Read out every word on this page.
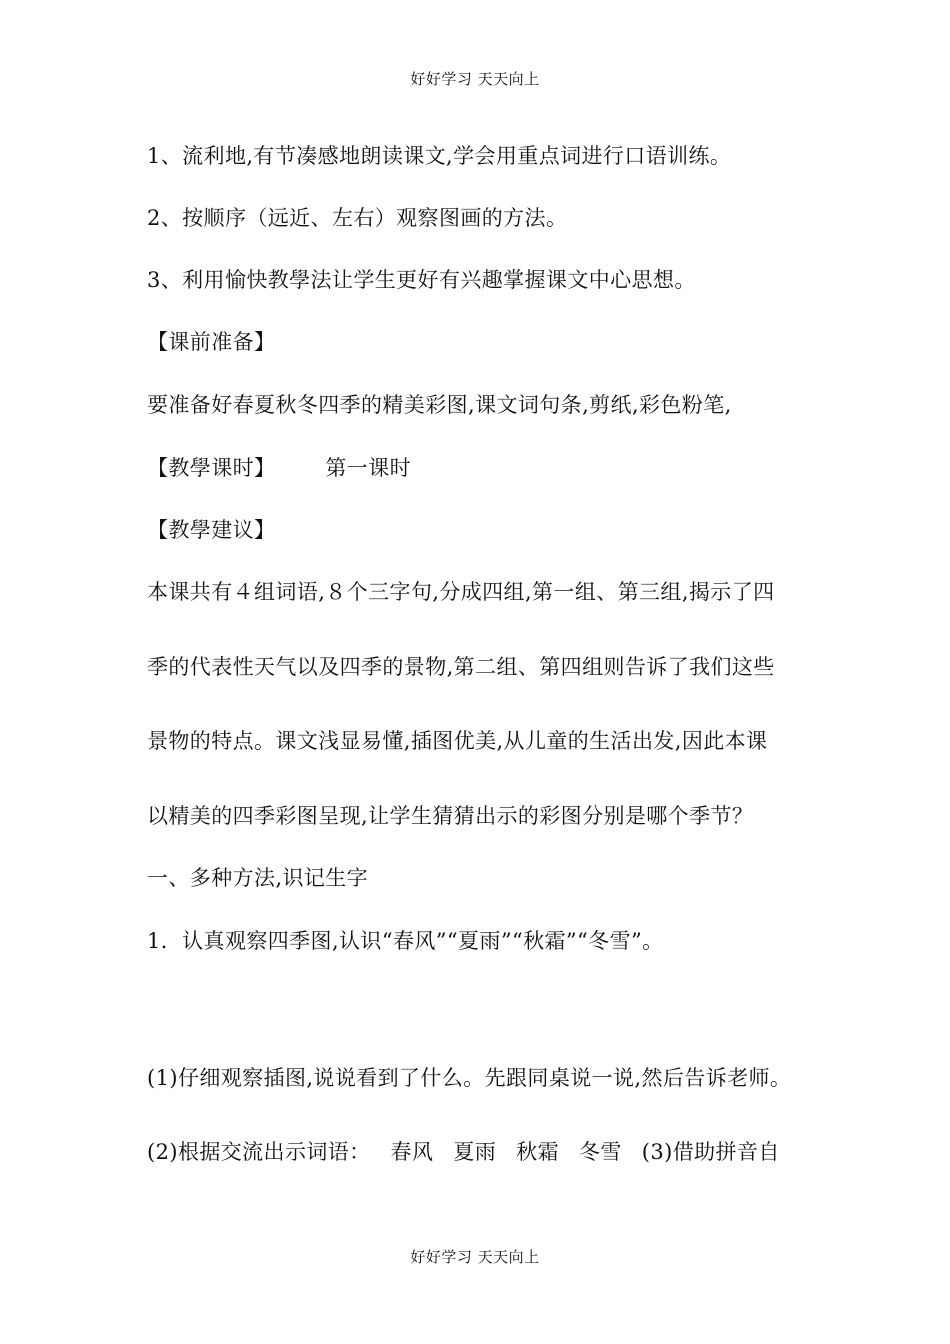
好好学习 天天向上
1、流利地,有节凑感地朗读课文,学会用重点词进行口语训练。
2、按顺序（远近、左右）观察图画的方法。
3、利用愉快教學法让学生更好有兴趣掌握课文中心思想。
【课前准备】
要准备好春夏秋冬四季的精美彩图,课文词句条,剪纸,彩色粉笔,
【教學课时】 第一课时
【教學建议】
本课共有４组词语,８个三字句,分成四组,第一组、第三组,揭示了四
季的代表性天气以及四季的景物,第二组、第四组则告诉了我们这些
景物的特点。课文浅显易懂,插图优美,从儿童的生活出发,因此本课
以精美的四季彩图呈现,让学生猜猜出示的彩图分别是哪个季节？
一、多种方法,识记生字
1．认真观察四季图,认识“春风”“夏雨”“秋霜”“冬雪”。
(1)仔细观察插图,说说看到了什么。先跟同桌说一说,然后告诉老师。
(2)根据交流出示词语： 春风 夏雨 秋霜 冬雪 (3)借助拼音自
好好学习 天天向上
